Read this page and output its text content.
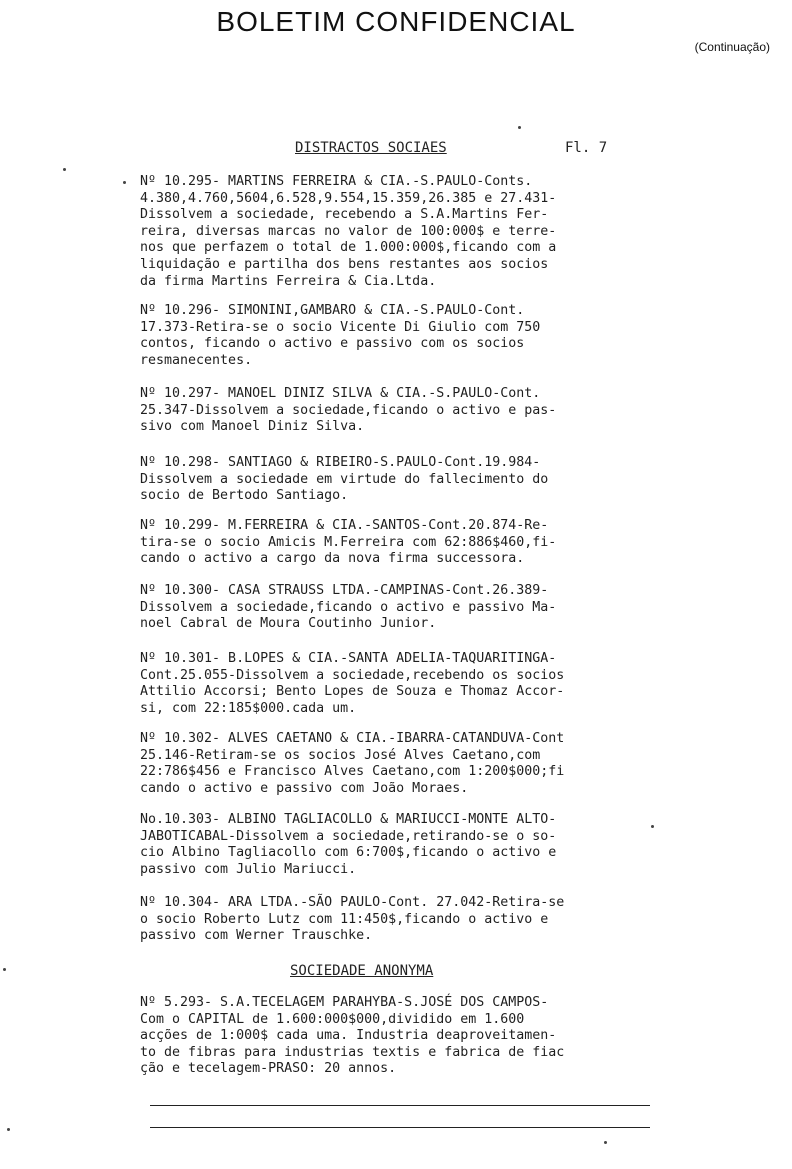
BOLETIM CONFIDENCIAL
(Continuação)
DISTRACTOS SOCIAES	Fl. 7
Nº 10.295- MARTINS FERREIRA & CIA.-S.PAULO-Conts.
4.380,4.760,5604,6.528,9.554,15.359,26.385 e 27.431-
Dissolvem a sociedade, recebendo a S.A.Martins Fer-
reira, diversas marcas no valor de 100:000$ e terre-
nos que perfazem o total de 1.000:000$,ficando com a
liquidação e partilha dos bens restantes aos socios
da firma Martins Ferreira & Cia.Ltda.
Nº 10.296- SIMONINI,GAMBARO & CIA.-S.PAULO-Cont.
17.373-Retira-se o socio Vicente Di Giulio com 750
contos, ficando o activo e passivo com os socios
resmanecentes.
Nº 10.297- MANOEL DINIZ SILVA & CIA.-S.PAULO-Cont.
25.347-Dissolvem a sociedade,ficando o activo e pas-
sivo com Manoel Diniz Silva.
Nº 10.298- SANTIAGO & RIBEIRO-S.PAULO-Cont.19.984-
Dissolvem a sociedade em virtude do fallecimento do
socio de Bertodo Santiago.
Nº 10.299- M.FERREIRA & CIA.-SANTOS-Cont.20.874-Re-
tira-se o socio Amicis M.Ferreira com 62:886$460,fi-
cando o activo a cargo da nova firma successora.
Nº 10.300- CASA STRAUSS LTDA.-CAMPINAS-Cont.26.389-
Dissolvem a sociedade,ficando o activo e passivo Ma-
noel Cabral de Moura Coutinho Junior.
Nº 10.301- B.LOPES & CIA.-SANTA ADELIA-TAQUARITINGA-
Cont.25.055-Dissolvem a sociedade,recebendo os socios
Attilio Accorsi; Bento Lopes de Souza e Thomaz Accor-
si, com 22:185$000.cada um.
Nº 10.302- ALVES CAETANO & CIA.-IBARRA-CATANDUVA-Cont
25.146-Retiram-se os socios José Alves Caetano,com
22:786$456 e Francisco Alves Caetano,com 1:200$000;fi
cando o activo e passivo com João Moraes.
No.10.303- ALBINO TAGLIACOLLO & MARIUCCI-MONTE ALTO-
JABOTICABAL-Dissolvem a sociedade,retirando-se o so-
cio Albino Tagliacollo com 6:700$,ficando o activo e
passivo com Julio Mariucci.
Nº 10.304- ARA LTDA.-SÃO PAULO-Cont. 27.042-Retira-se
o socio Roberto Lutz com 11:450$,ficando o activo e
passivo com Werner Trauschke.
SOCIEDADE ANONYMA
Nº 5.293- S.A.TECELAGEM PARAHYBA-S.JOSÉ DOS CAMPOS-
Com o CAPITAL de 1.600:000$000,dividido em 1.600
acções de 1:000$ cada uma. Industria deaproveitamen-
to de fibras para industrias textis e fabrica de fiac
ção e tecelagem-PRASO: 20 annos.
